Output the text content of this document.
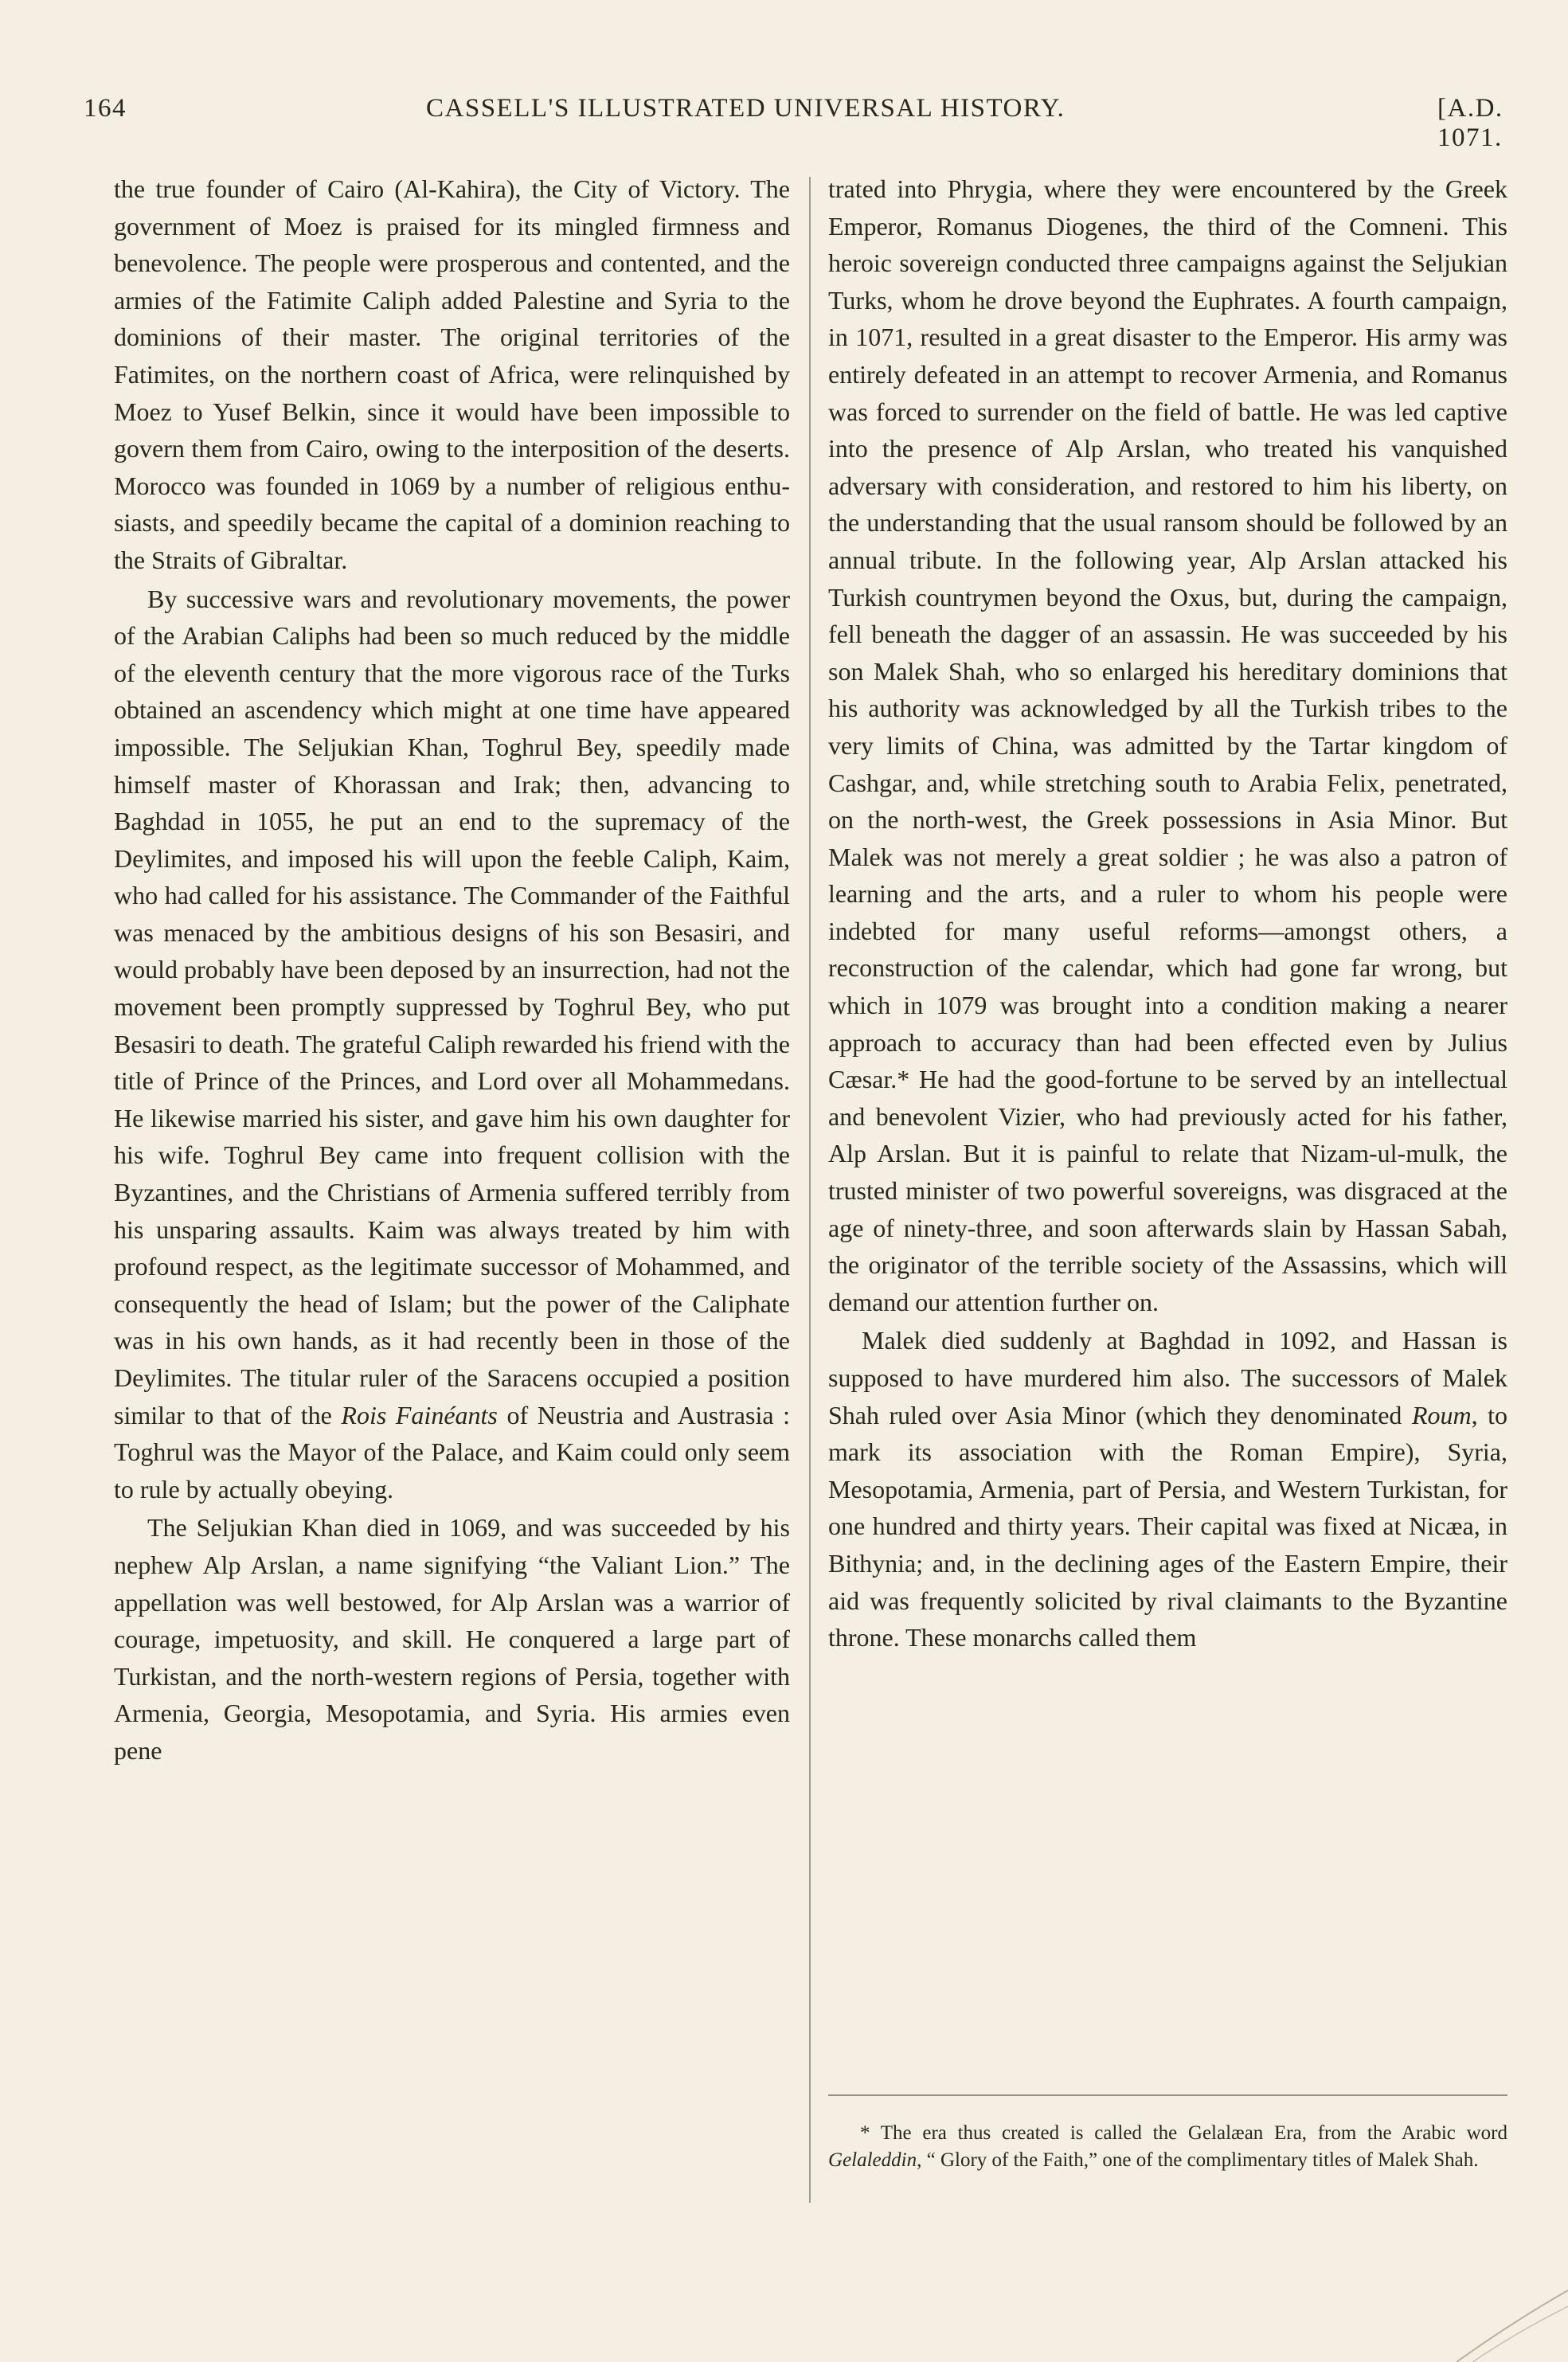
164	CASSELL'S ILLUSTRATED UNIVERSAL HISTORY.	[A.D. 1071.

the true founder of Cairo (Al-Kahira), the City of Victory. The government of Moez is praised for its mingled firmness and benevolence. The people were prosperous and contented, and the armies of the Fatimite Caliph added Palestine and Syria to the dominions of their master. The original territories of the Fatimites, on the northern coast of Africa, were relinquished by Moez to Yusef Belkin, since it would have been impossible to govern them from Cairo, owing to the interposition of the deserts. Morocco was founded in 1069 by a number of religious enthusiasts, and speedily became the capital of a dominion reaching to the Straits of Gibraltar.

By successive wars and revolutionary movements, the power of the Arabian Caliphs had been so much reduced by the middle of the eleventh century that the more vigorous race of the Turks obtained an ascendency which might at one time have appeared impossible. The Seljukian Khan, Toghrul Bey, speedily made himself master of Khorassan and Irak; then, advancing to Baghdad in 1055, he put an end to the supremacy of the Deylimites, and imposed his will upon the feeble Caliph, Kaim, who had called for his assistance. The Commander of the Faithful was menaced by the ambitious designs of his son Besasiri, and would probably have been deposed by an insurrection, had not the movement been promptly suppressed by Toghrul Bey, who put Besasiri to death. The grateful Caliph rewarded his friend with the title of Prince of the Princes, and Lord over all Mohammedans. He likewise married his sister, and gave him his own daughter for his wife. Toghrul Bey came into frequent collision with the Byzantines, and the Christians of Armenia suffered terribly from his unsparing assaults. Kaim was always treated by him with profound respect, as the legitimate successor of Mohammed, and consequently the head of Islam; but the power of the Caliphate was in his own hands, as it had recently been in those of the Deylimites. The titular ruler of the Saracens occupied a position similar to that of the Rois Fainéants of Neustria and Austrasia : Toghrul was the Mayor of the Palace, and Kaim could only seem to rule by actually obeying.

The Seljukian Khan died in 1069, and was succeeded by his nephew Alp Arslan, a name signifying “the Valiant Lion.” The appellation was well bestowed, for Alp Arslan was a warrior of courage, impetuosity, and skill. He conquered a large part of Turkistan, and the north-western regions of Persia, together with Armenia, Georgia, Mesopotamia, and Syria. His armies even pene

trated into Phrygia, where they were encountered by the Greek Emperor, Romanus Diogenes, the third of the Comneni. This heroic sovereign conducted three campaigns against the Seljukian Turks, whom he drove beyond the Euphrates. A fourth campaign, in 1071, resulted in a great disaster to the Emperor. His army was entirely defeated in an attempt to recover Armenia, and Romanus was forced to surrender on the field of battle. He was led captive into the presence of Alp Arslan, who treated his vanquished adversary with consideration, and restored to him his liberty, on the understanding that the usual ransom should be followed by an annual tribute. In the following year, Alp Arslan attacked his Turkish countrymen beyond the Oxus, but, during the campaign, fell beneath the dagger of an assassin. He was succeeded by his son Malek Shah, who so enlarged his hereditary dominions that his authority was acknowledged by all the Turkish tribes to the very limits of China, was admitted by the Tartar kingdom of Cashgar, and, while stretching south to Arabia Felix, penetrated, on the north-west, the Greek possessions in Asia Minor. But Malek was not merely a great soldier ; he was also a patron of learning and the arts, and a ruler to whom his people were indebted for many useful reforms—amongst others, a reconstruction of the calendar, which had gone far wrong, but which in 1079 was brought into a condition making a nearer approach to accuracy than had been effected even by Julius Cæsar.* He had the good-fortune to be served by an intellectual and benevolent Vizier, who had previously acted for his father, Alp Arslan. But it is painful to relate that Nizam-ul-mulk, the trusted minister of two powerful sovereigns, was disgraced at the age of ninety-three, and soon afterwards slain by Hassan Sabah, the originator of the terrible society of the Assassins, which will demand our attention further on.

Malek died suddenly at Baghdad in 1092, and Hassan is supposed to have murdered him also. The successors of Malek Shah ruled over Asia Minor (which they denominated Roum, to mark its association with the Roman Empire), Syria, Mesopotamia, Armenia, part of Persia, and Western Turkistan, for one hundred and thirty years. Their capital was fixed at Nicæa, in Bithynia; and, in the declining ages of the Eastern Empire, their aid was frequently solicited by rival claimants to the Byzantine throne. These monarchs called them

* The era thus created is called the Gelalæan Era, from the Arabic word Gelaleddin, “ Glory of the Faith,” one of the complimentary titles of Malek Shah.
